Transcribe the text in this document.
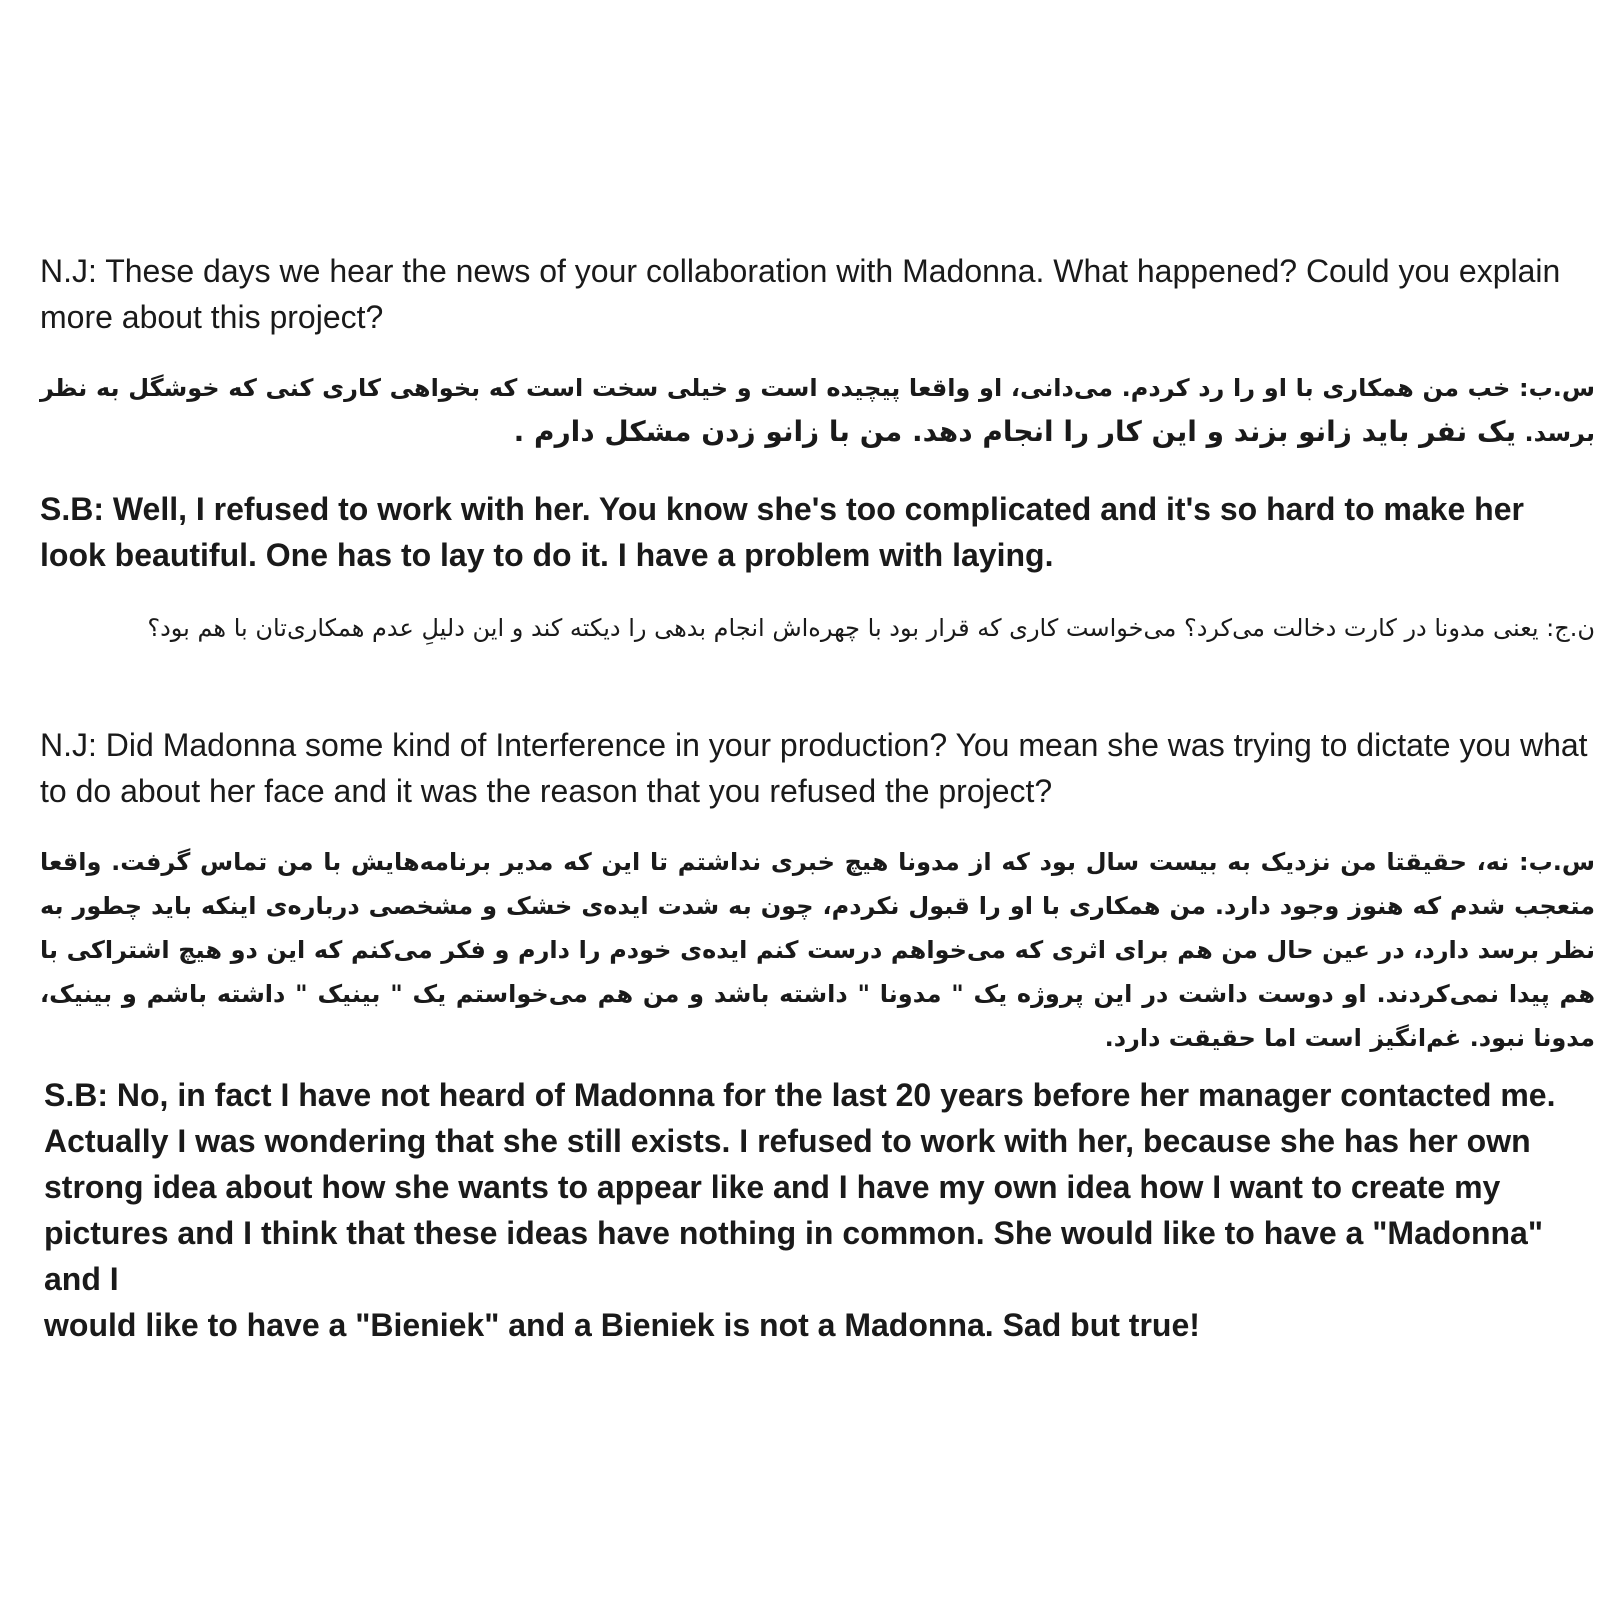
N.J: These days we hear the news of your collaboration with Madonna. What happened? Could you explain more about this project?

س.ب: خب من همکاری با او را رد کردم. می‌دانی، او واقعا پیچیده است و خیلی سخت است که بخواهی کاری کنی که خوشگل به نظر برسد. یک نفر باید زانو بزند و این کار را انجام دهد. من با زانو زدن مشکل دارم .

S.B: Well, I refused to work with her. You know she's too complicated and it's so hard to make her look beautiful. One has to lay to do it. I have a problem with laying.

ن.ج: یعنی مدونا در کارت دخالت می‌کرد؟ می‌خواست کاری که قرار بود با چهره‌اش انجام بدهی را دیکته کند و این دلیلِ عدم همکاری‌تان با هم بود؟

N.J: Did Madonna some kind of Interference in your production? You mean she was trying to dictate you what to do about her face and it was the reason that you refused the project?

س.ب: نه، حقیقتا من نزدیک به بیست سال بود که از مدونا هیچ خبری نداشتم تا این که مدیر برنامه‌هایش با من تماس گرفت. واقعا متعجب شدم که هنوز وجود دارد. من همکاری با او را قبول نکردم، چون به شدت ایده‌ی خشک و مشخصی درباره‌ی اینکه باید چطور به نظر برسد دارد، در عین حال من هم برای اثری که می‌خواهم درست کنم ایده‌ی خودم را دارم و فکر می‌کنم که این دو هیچ اشتراکی با هم پیدا نمی‌کردند. او دوست داشت در این پروژه یک " مدونا " داشته باشد و من هم می‌خواستم یک " بینیک " داشته باشم و بینیک، مدونا نبود. غم‌انگیز است اما حقیقت دارد.

S.B: No, in fact I have not heard of Madonna for the last 20 years before her manager contacted me. Actually I was wondering that she still exists. I refused to work with her, because she has her own strong idea about how she wants to appear like and I have my own idea how I want to create my pictures and I think that these ideas have nothing in common. She would like to have a "Madonna" and I
would like to have a "Bieniek" and a Bieniek is not a Madonna. Sad but true!
